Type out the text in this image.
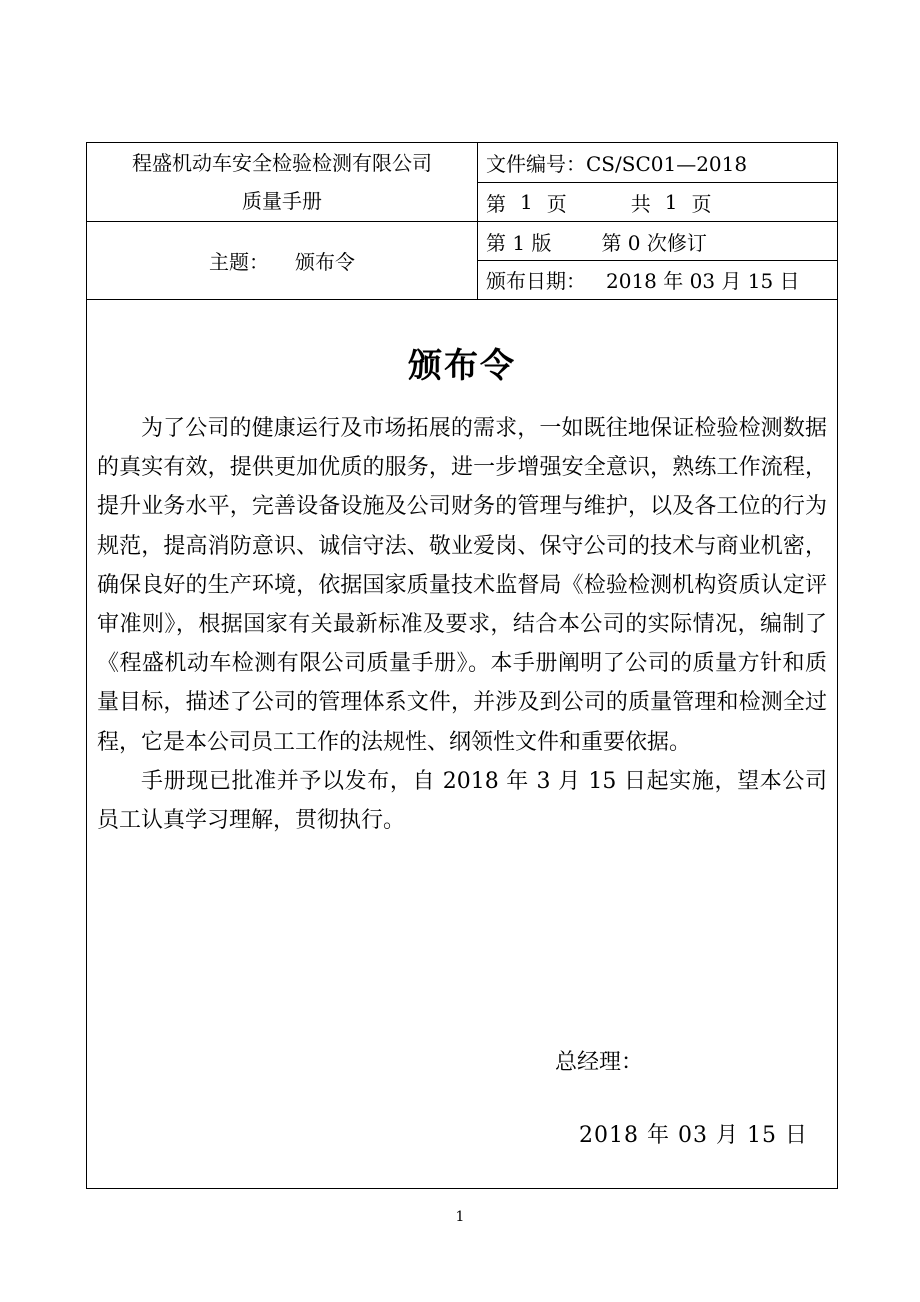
程盛机动车安全检验检测有限公司
质量手册
文件编号：CS/SC01—2018
第 1 页	共 1 页
主题： 颁布令
第 1 版	第 0 次修订
颁布日期： 2018 年 03 月 15 日
颁布令

为了公司的健康运行及市场拓展的需求，一如既往地保证检验检测数据的真实有效，提供更加优质的服务，进一步增强安全意识，熟练工作流程，提升业务水平，完善设备设施及公司财务的管理与维护，以及各工位的行为规范，提高消防意识、诚信守法、敬业爱岗、保守公司的技术与商业机密，确保良好的生产环境，依据国家质量技术监督局《检验检测机构资质认定评审准则》，根据国家有关最新标准及要求，结合本公司的实际情况，编制了《程盛机动车检测有限公司质量手册》。本手册阐明了公司的质量方针和质量目标，描述了公司的管理体系文件，并涉及到公司的质量管理和检测全过程，它是本公司员工工作的法规性、纲领性文件和重要依据。

手册现已批准并予以发布，自 2018 年 3 月 15 日起实施，望本公司员工认真学习理解，贯彻执行。

总经理：
2018 年 03 月 15 日
1
